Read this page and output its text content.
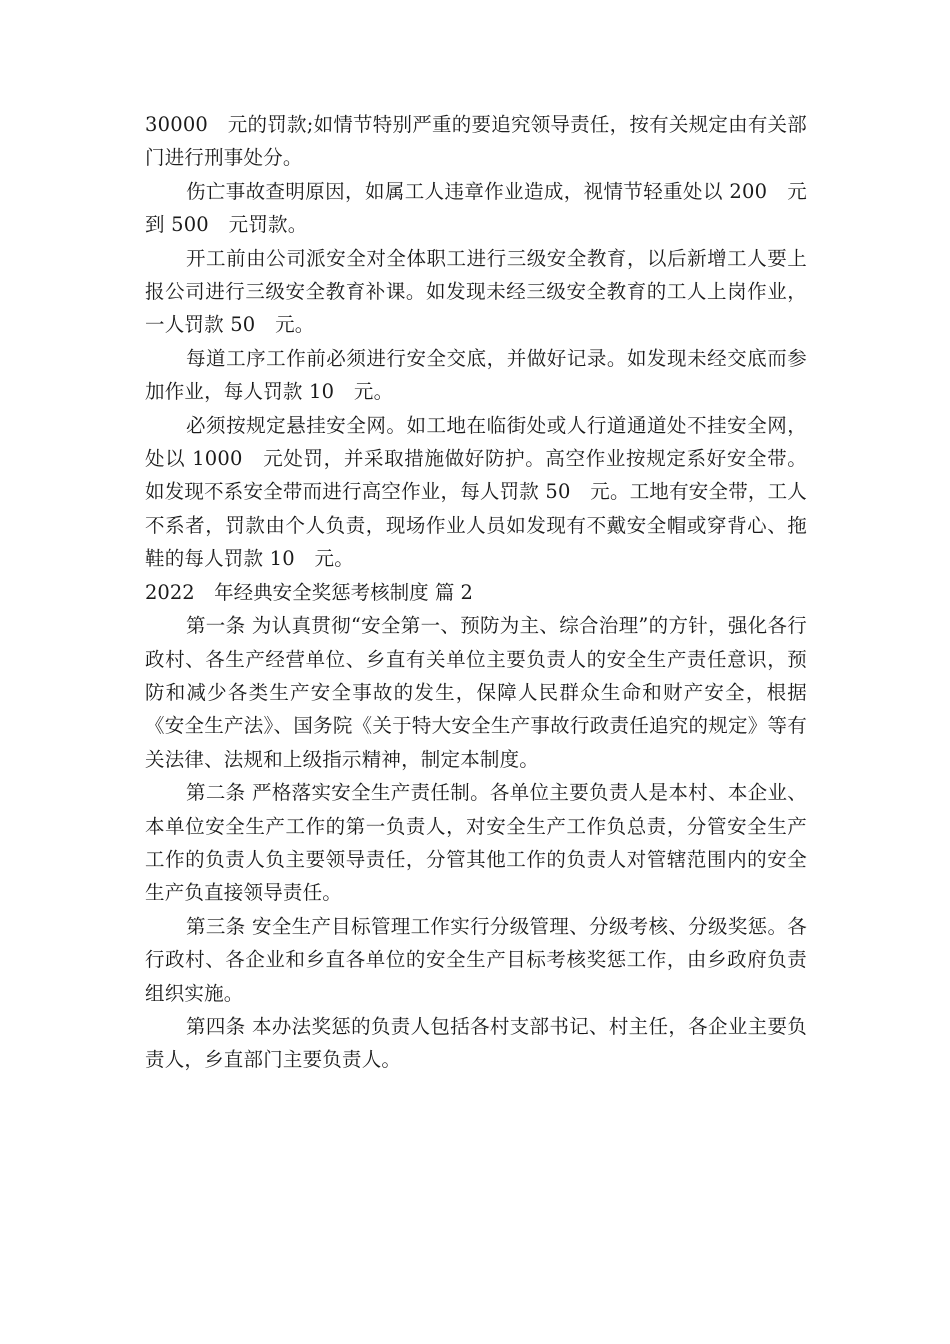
30000　元的罚款;如情节特别严重的要追究领导责任，按有关规定由有关部门进行刑事处分。

伤亡事故查明原因，如属工人违章作业造成，视情节轻重处以 200　元到 500　元罚款。

开工前由公司派安全对全体职工进行三级安全教育，以后新增工人要上报公司进行三级安全教育补课。如发现未经三级安全教育的工人上岗作业，一人罚款 50　元。

每道工序工作前必须进行安全交底，并做好记录。如发现未经交底而参加作业，每人罚款 10　元。

必须按规定悬挂安全网。如工地在临街处或人行道通道处不挂安全网，处以 1000　元处罚，并采取措施做好防护。高空作业按规定系好安全带。如发现不系安全带而进行高空作业，每人罚款 50　元。工地有安全带，工人不系者，罚款由个人负责，现场作业人员如发现有不戴安全帽或穿背心、拖鞋的每人罚款 10　元。

2022　年经典安全奖惩考核制度 篇 2

第一条 为认真贯彻“安全第一、预防为主、综合治理”的方针，强化各行政村、各生产经营单位、乡直有关单位主要负责人的安全生产责任意识，预防和减少各类生产安全事故的发生，保障人民群众生命和财产安全，根据《安全生产法》、国务院《关于特大安全生产事故行政责任追究的规定》等有关法律、法规和上级指示精神，制定本制度。

第二条 严格落实安全生产责任制。各单位主要负责人是本村、本企业、本单位安全生产工作的第一负责人，对安全生产工作负总责，分管安全生产工作的负责人负主要领导责任，分管其他工作的负责人对管辖范围内的安全生产负直接领导责任。

第三条 安全生产目标管理工作实行分级管理、分级考核、分级奖惩。各行政村、各企业和乡直各单位的安全生产目标考核奖惩工作，由乡政府负责组织实施。

第四条 本办法奖惩的负责人包括各村支部书记、村主任，各企业主要负责人，乡直部门主要负责人。
